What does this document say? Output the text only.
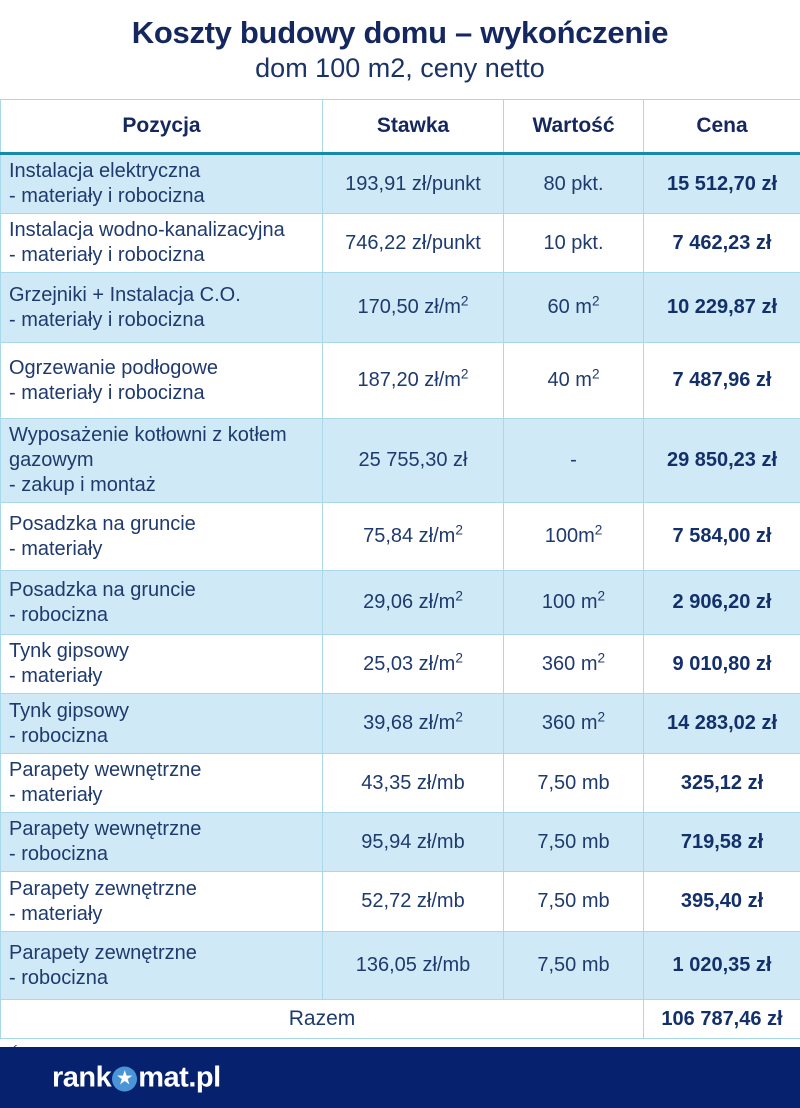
Koszty budowy domu – wykończenie
dom 100 m2, ceny netto
Pozycja	Stawka	Wartość	Cena
Instalacja elektryczna
- materiały i robocizna	193,91 zł/punkt	80 pkt.	15 512,70 zł
Instalacja wodno-kanalizacyjna
- materiały i robocizna	746,22 zł/punkt	10 pkt.	7 462,23 zł
Grzejniki + Instalacja C.O.
- materiały i robocizna	170,50 $zł/m^2$	60 $m^2$	10 229,87 zł
Ogrzewanie podłogowe
- materiały i robocizna	187,20 $zł/m^2$	40 $m^2$	7 487,96 zł
Wyposażenie kotłowni z kotłem gazowym
- zakup i montaż	25 755,30 zł	-	29 850,23 zł
Posadzka na gruncie
- materiały	75,84 $zł/m^2$	$100m^2$	7 584,00 zł
Posadzka na gruncie
- robocizna	29,06 $zł/m^2$	100 $m^2$	2 906,20 zł
Tynk gipsowy
- materiały	25,03 $zł/m^2$	360 $m^2$	9 010,80 zł
Tynk gipsowy
- robocizna	39,68 $zł/m^2$	360 $m^2$	14 283,02 zł
Parapety wewnętrzne
- materiały	43,35 zł/mb	7,50 mb	325,12 zł
Parapety wewnętrzne
- robocizna	95,94 zł/mb	7,50 mb	719,58 zł
Parapety zewnętrzne
- materiały	52,72 zł/mb	7,50 mb	395,40 zł
Parapety zewnętrzne
- robocizna	136,05 zł/mb	7,50 mb	1 020,35 zł
Razem			106 787,46 zł
rank ★ mat.pl
